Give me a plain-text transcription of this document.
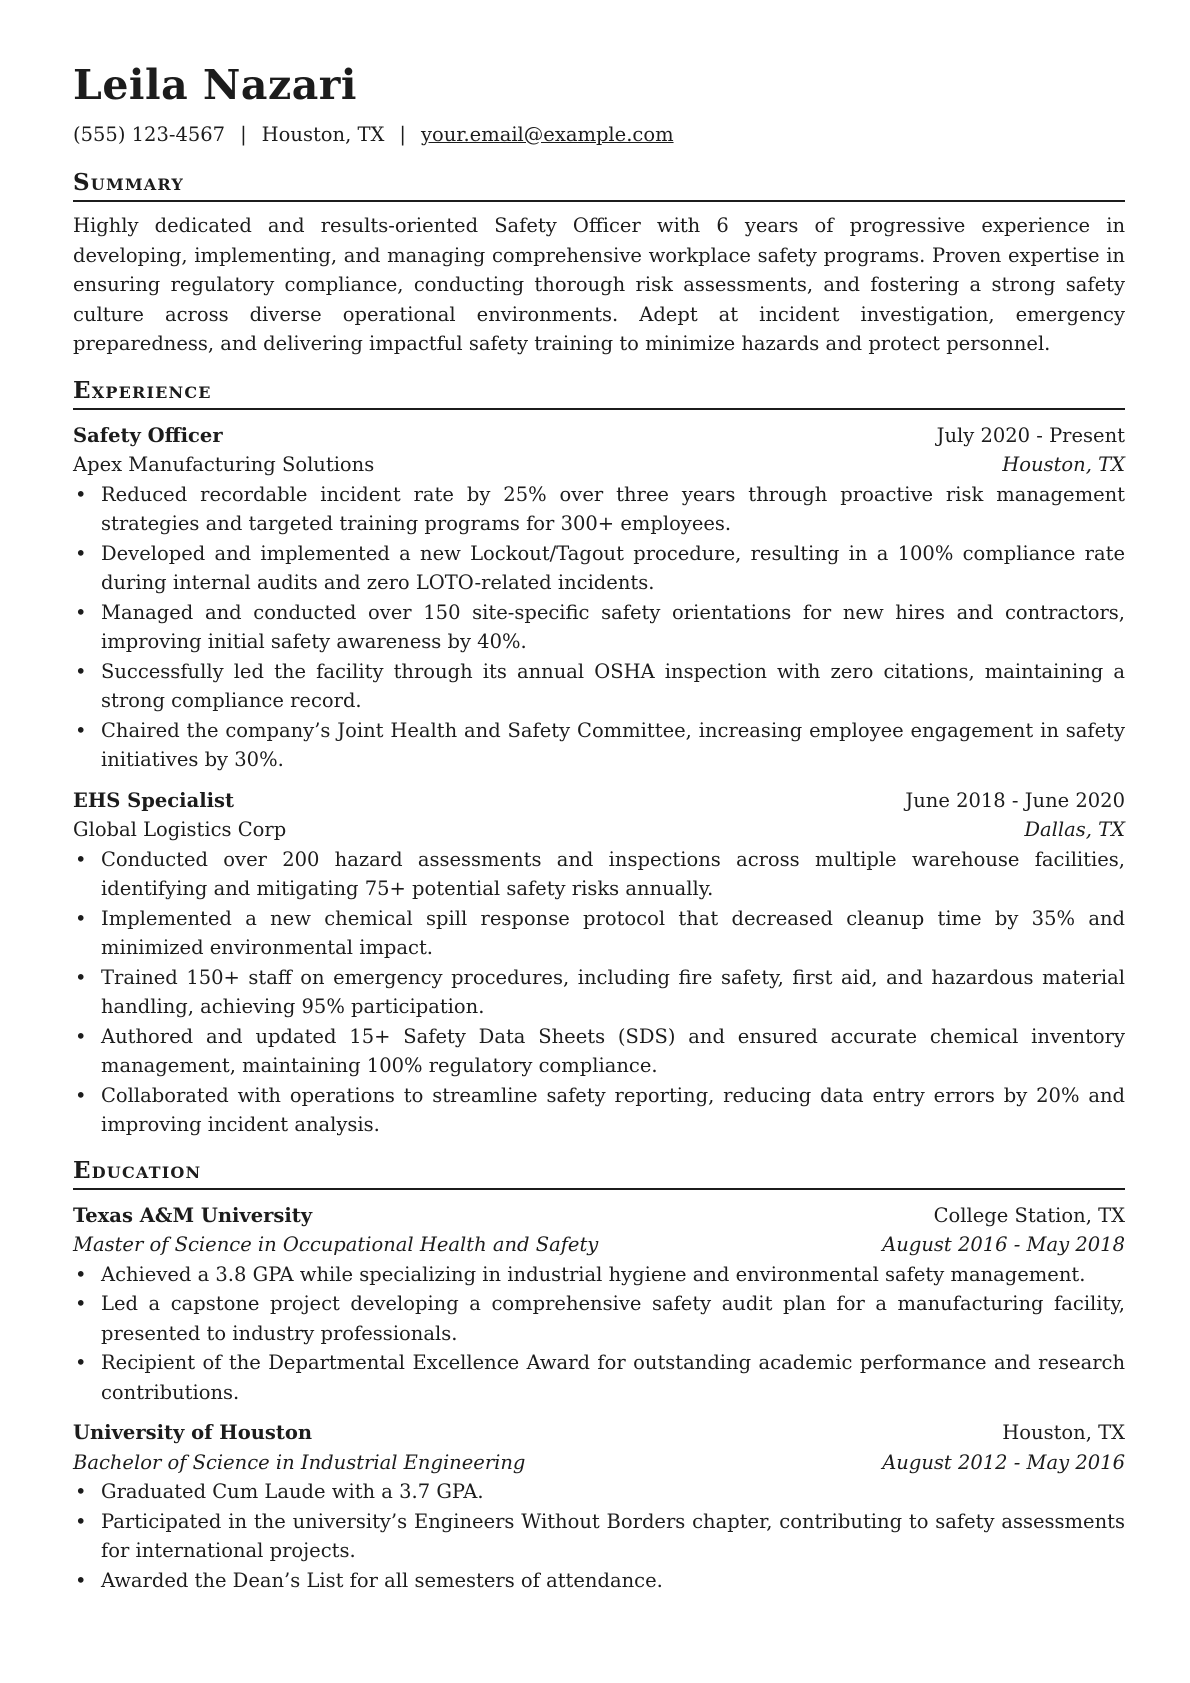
Leila Nazari
(555) 123-4567 | Houston, TX | your.email@example.com
Summary

Highly dedicated and results-oriented Safety Officer with 6 years of progressive experience in developing, implementing, and managing comprehensive workplace safety programs. Proven expertise in ensuring regulatory compliance, conducting thorough risk assessments, and fostering a strong safety culture across diverse operational environments. Adept at incident investigation, emergency preparedness, and delivering impactful safety training to minimize hazards and protect personnel.

Experience
Safety Officer	July 2020 - Present
Apex Manufacturing Solutions	Houston, TX
• Reduced recordable incident rate by 25% over three years through proactive risk management strategies and targeted training programs for 300+ employees.
• Developed and implemented a new Lockout/Tagout procedure, resulting in a 100% compliance rate during internal audits and zero LOTO-related incidents.
• Managed and conducted over 150 site-specific safety orientations for new hires and contractors, improving initial safety awareness by 40%.
• Successfully led the facility through its annual OSHA inspection with zero citations, maintaining a strong compliance record.
• Chaired the company’s Joint Health and Safety Committee, increasing employee engagement in safety initiatives by 30%.
EHS Specialist	June 2018 - June 2020
Global Logistics Corp	Dallas, TX
• Conducted over 200 hazard assessments and inspections across multiple warehouse facilities, identifying and mitigating 75+ potential safety risks annually.
• Implemented a new chemical spill response protocol that decreased cleanup time by 35% and minimized environmental impact.
• Trained 150+ staff on emergency procedures, including fire safety, first aid, and hazardous material handling, achieving 95% participation.
• Authored and updated 15+ Safety Data Sheets (SDS) and ensured accurate chemical inventory management, maintaining 100% regulatory compliance.
• Collaborated with operations to streamline safety reporting, reducing data entry errors by 20% and improving incident analysis.
Education
Texas A&M University	College Station, TX
Master of Science in Occupational Health and Safety	August 2016 - May 2018
• Achieved a 3.8 GPA while specializing in industrial hygiene and environmental safety management.
• Led a capstone project developing a comprehensive safety audit plan for a manufacturing facility, presented to industry professionals.
• Recipient of the Departmental Excellence Award for outstanding academic performance and research contributions.
University of Houston	Houston, TX
Bachelor of Science in Industrial Engineering	August 2012 - May 2016
• Graduated Cum Laude with a 3.7 GPA.
• Participated in the university’s Engineers Without Borders chapter, contributing to safety assessments for international projects.
• Awarded the Dean’s List for all semesters of attendance.
